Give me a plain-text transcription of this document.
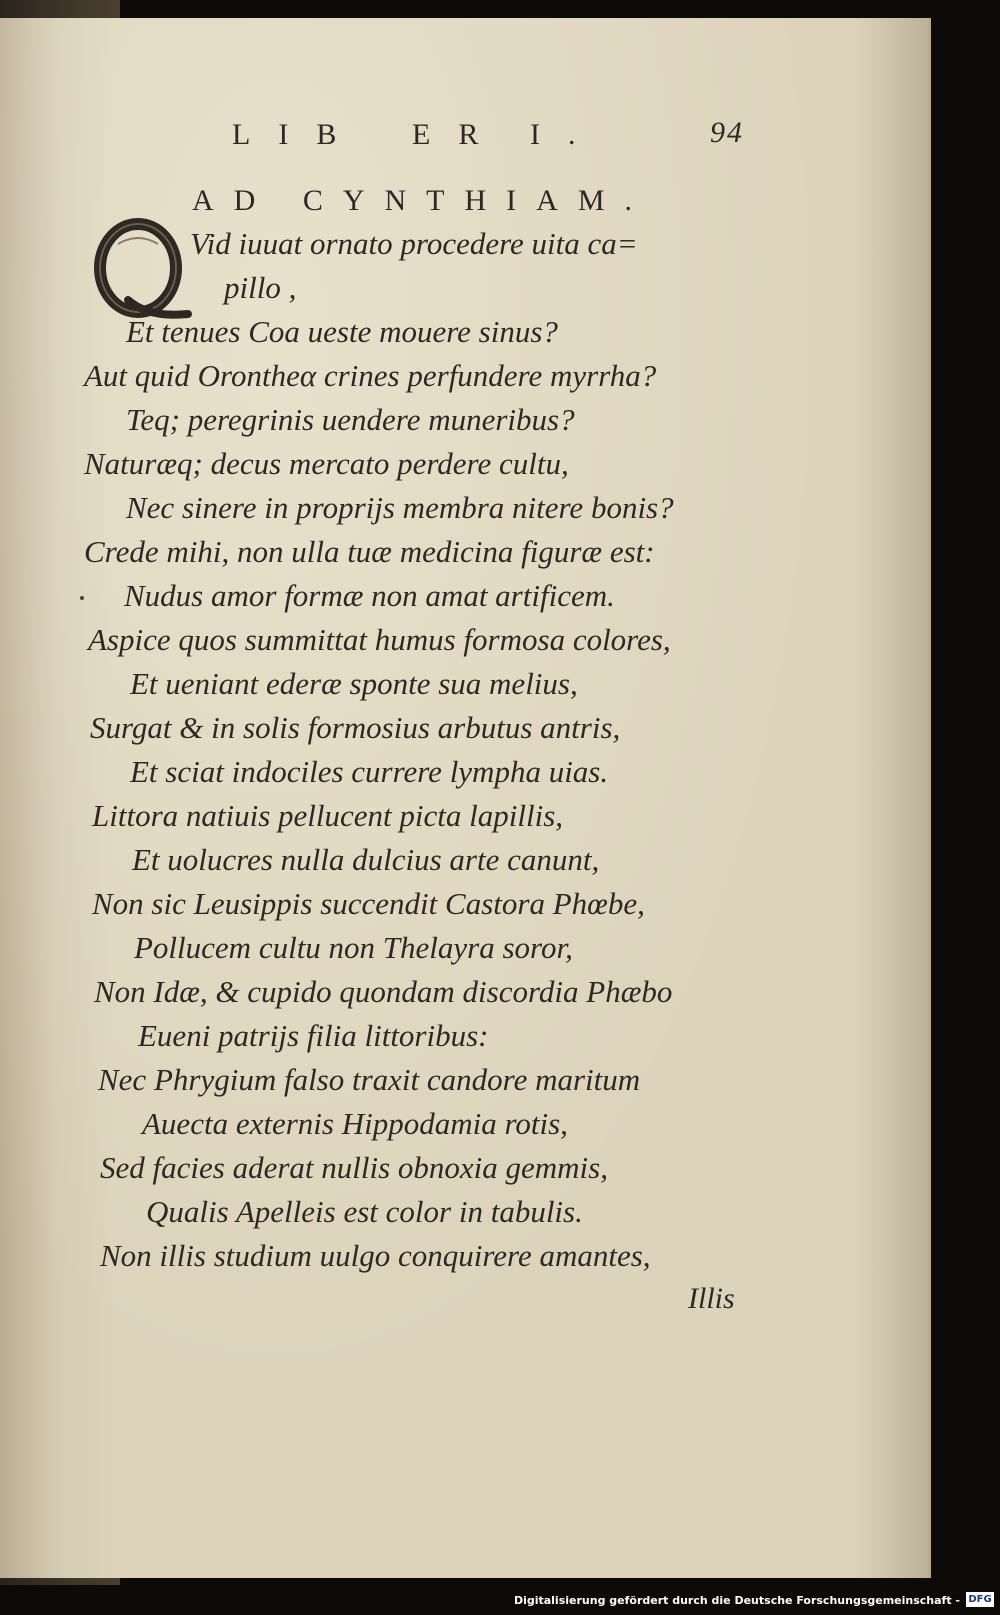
LIB ER I.	94
AD CYNTHIAM.
Vid iuuat ornato procedere uita ca=
pillo ,
Et tenues Coa ueste mouere sinus?
Aut quid Orontheα crines perfundere myrrha?
Teq; peregrinis uendere muneribus?
Naturæq; decus mercato perdere cultu,
Nec sinere in proprijs membra nitere bonis?
Crede mihi, non ulla tuæ medicina figuræ est:
Nudus amor formæ non amat artificem.
Aspice quos summittat humus formosa colores,
Et ueniant ederæ sponte sua melius,
Surgat & in solis formosius arbutus antris,
Et sciat indociles currere lympha uias.
Littora natiuis pellucent picta lapillis,
Et uolucres nulla dulcius arte canunt,
Non sic Leusippis succendit Castora Phœbe,
Pollucem cultu non Thelayra soror,
Non Idæ, & cupido quondam discordia Phæbo
Eueni patrijs filia littoribus:
Nec Phrygium falso traxit candore maritum
Auecta externis Hippodamia rotis,
Sed facies aderat nullis obnoxia gemmis,
Qualis Apelleis est color in tabulis.
Non illis studium uulgo conquirere amantes,
Illis
Digitalisierung gefördert durch die Deutsche Forschungsgemeinschaft - DFG
